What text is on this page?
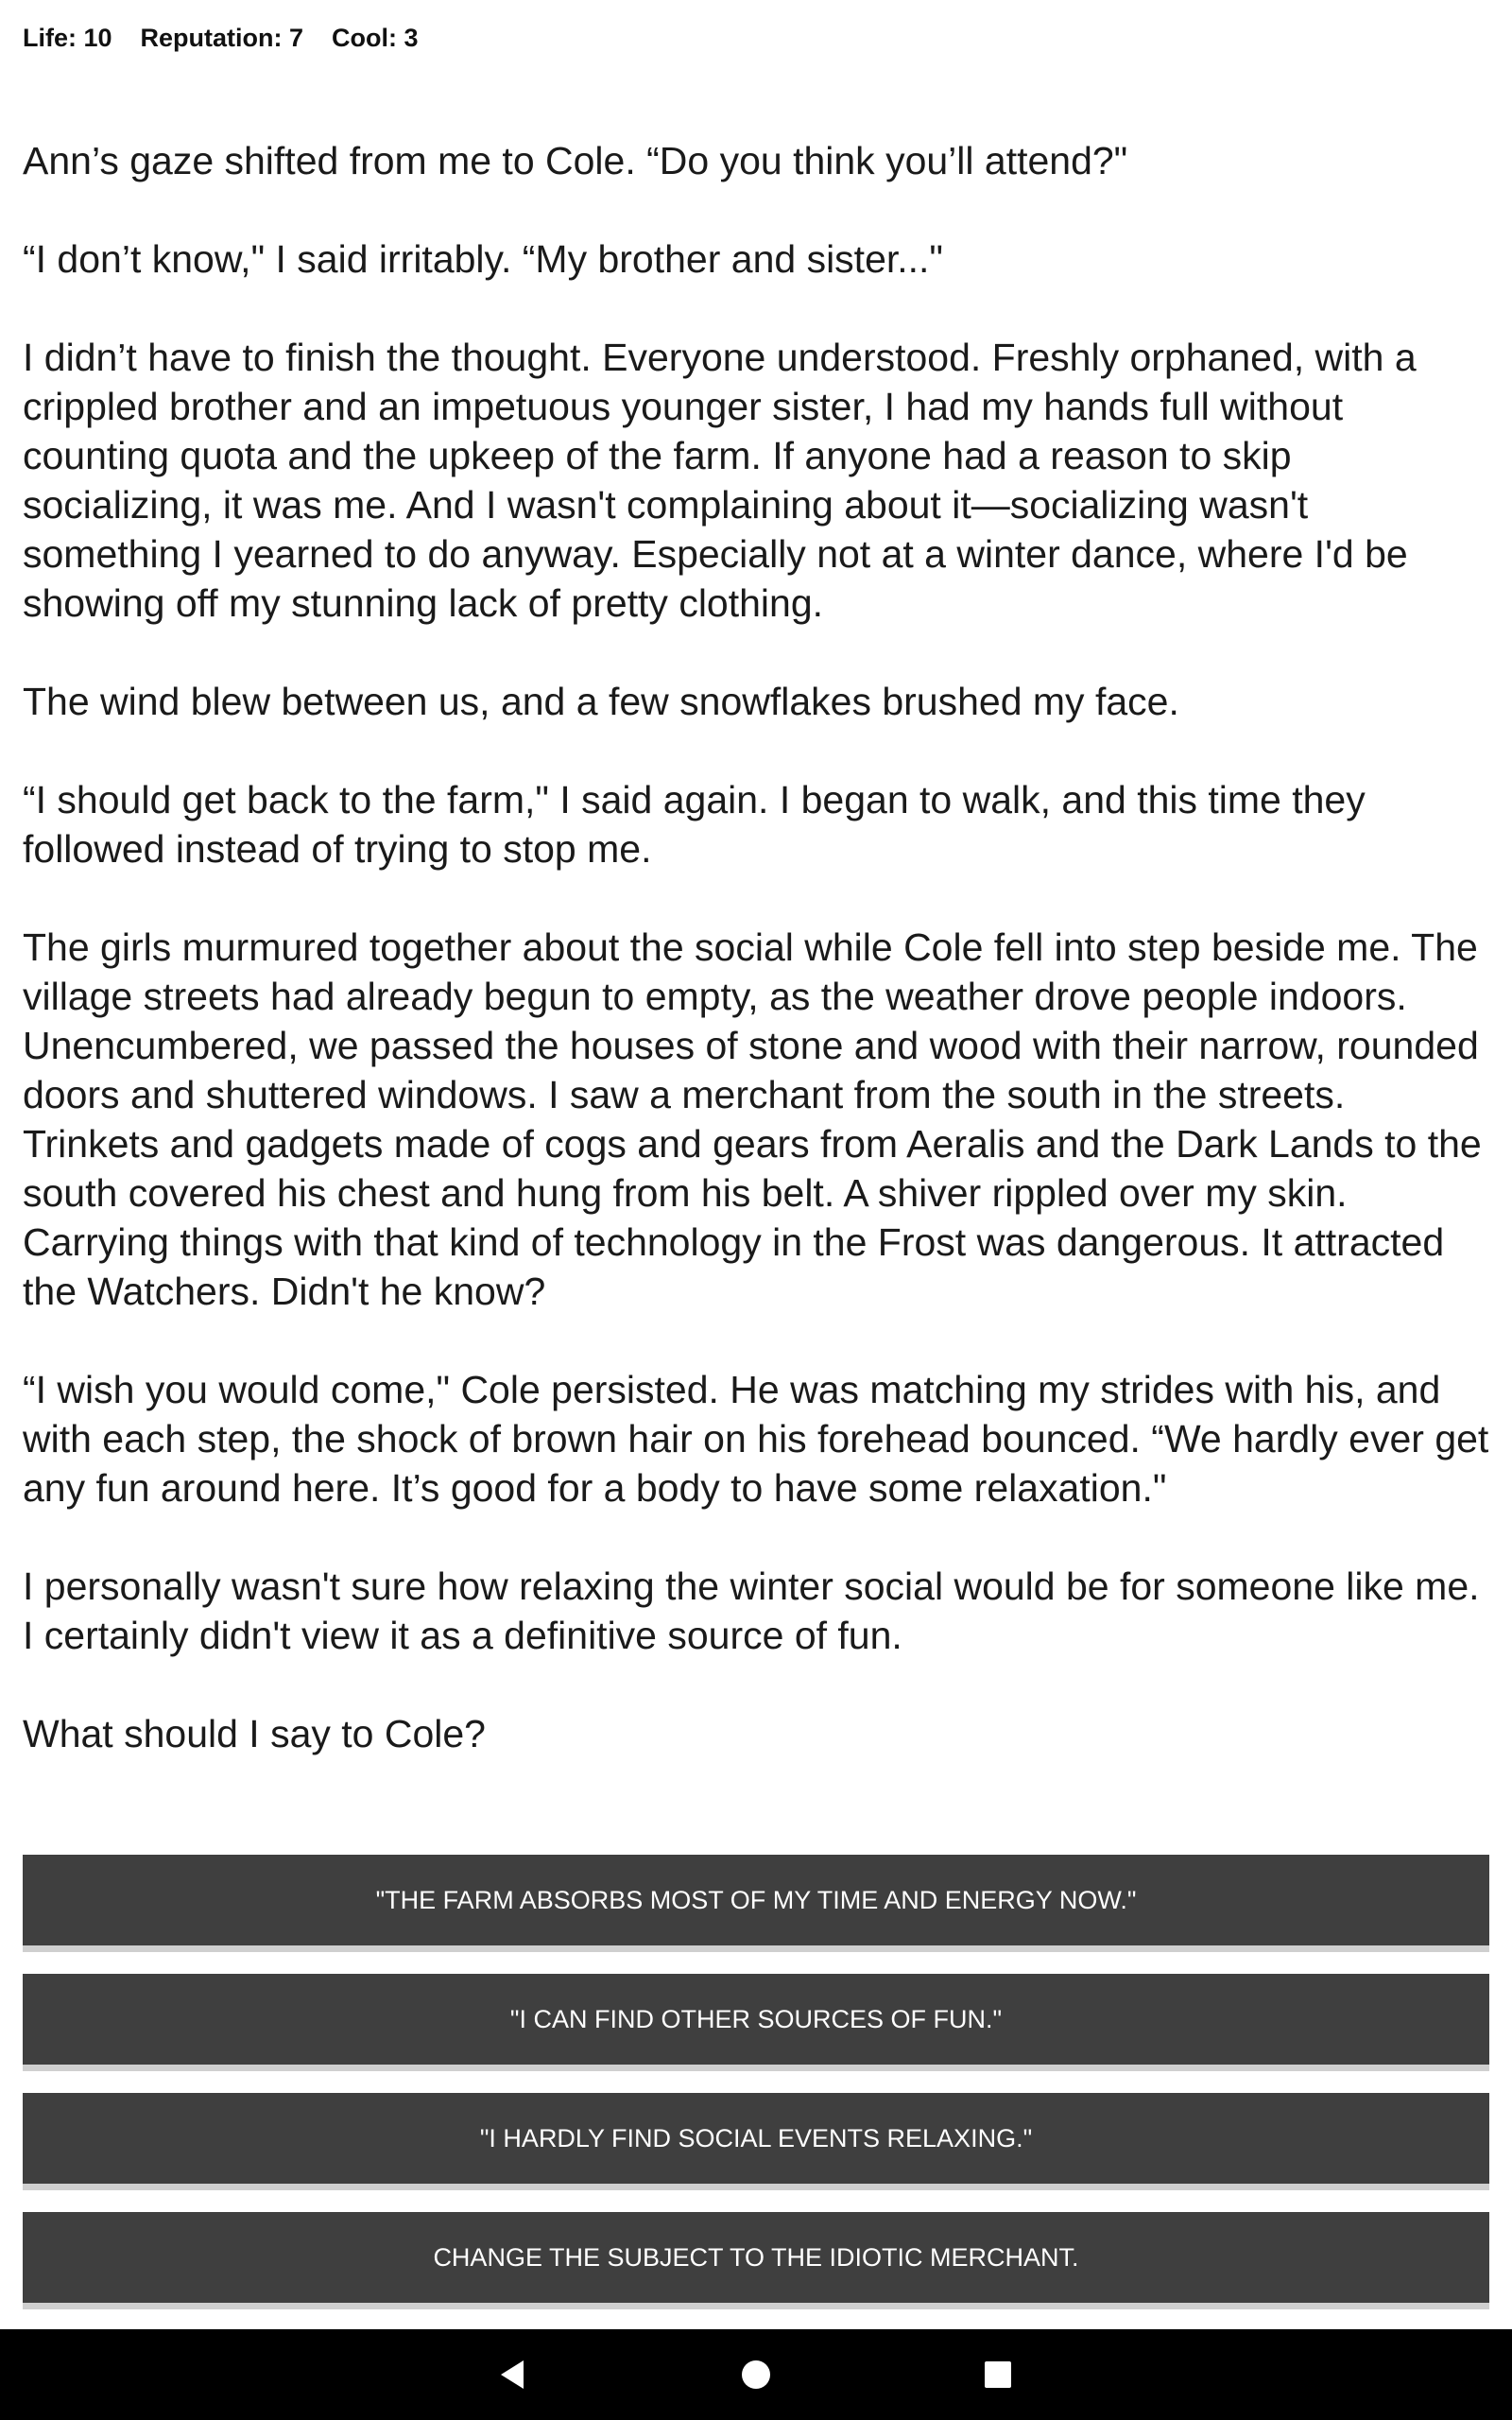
Life: 10 Reputation: 7 Cool: 3

Ann’s gaze shifted from me to Cole. “Do you think you’ll attend?"

“I don’t know," I said irritably. “My brother and sister..."

I didn’t have to finish the thought. Everyone understood. Freshly orphaned, with a crippled brother and an impetuous younger sister, I had my hands full without counting quota and the upkeep of the farm. If anyone had a reason to skip socializing, it was me. And I wasn't complaining about it—socializing wasn't something I yearned to do anyway. Especially not at a winter dance, where I'd be showing off my stunning lack of pretty clothing.

The wind blew between us, and a few snowflakes brushed my face.

“I should get back to the farm," I said again. I began to walk, and this time they followed instead of trying to stop me.

The girls murmured together about the social while Cole fell into step beside me. The village streets had already begun to empty, as the weather drove people indoors. Unencumbered, we passed the houses of stone and wood with their narrow, rounded doors and shuttered windows. I saw a merchant from the south in the streets. Trinkets and gadgets made of cogs and gears from Aeralis and the Dark Lands to the south covered his chest and hung from his belt. A shiver rippled over my skin. Carrying things with that kind of technology in the Frost was dangerous. It attracted the Watchers. Didn't he know?

“I wish you would come," Cole persisted. He was matching my strides with his, and with each step, the shock of brown hair on his forehead bounced. “We hardly ever get any fun around here. It’s good for a body to have some relaxation."

I personally wasn't sure how relaxing the winter social would be for someone like me. I certainly didn't view it as a definitive source of fun.

What should I say to Cole?

"THE FARM ABSORBS MOST OF MY TIME AND ENERGY NOW."
"I CAN FIND OTHER SOURCES OF FUN."
"I HARDLY FIND SOCIAL EVENTS RELAXING."
CHANGE THE SUBJECT TO THE IDIOTIC MERCHANT.
